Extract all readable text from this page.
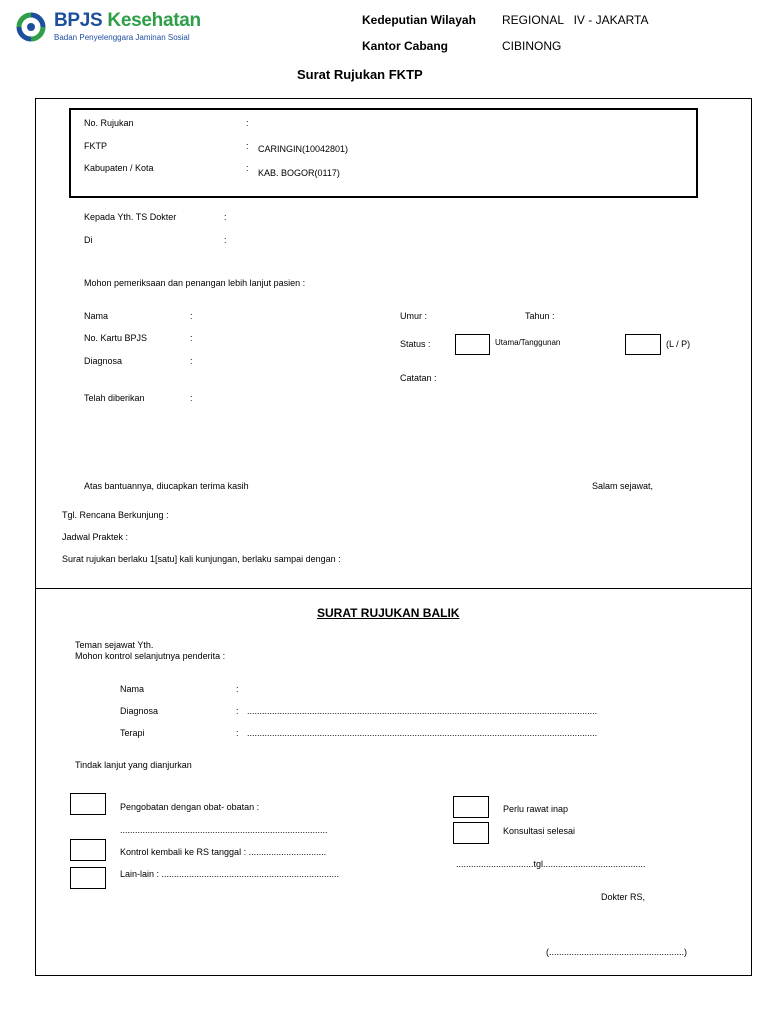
BPJS Kesehatan
Badan Penyelenggara Jaminan Sosial
Kedeputian Wilayah REGIONAL   IV - JAKARTA
Kantor Cabang	CIBINONG
Surat Rujukan FKTP
No. Rujukan	:
FKTP	: CARINGIN(10042801)
Kabupaten / Kota	: KAB. BOGOR(0117)
Kepada Yth. TS Dokter	:
Di	:
Mohon pemeriksaan dan penangan lebih lanjut pasien :
Nama	:
No. Kartu BPJS	:
Diagnosa	:
Telah diberikan	:
Umur :	Tahun :
Status :	Utama/Tanggunan	(L / P)
Catatan :
Atas bantuannya, diucapkan terima kasih	Salam sejawat,
Tgl. Rencana Berkunjung :
Jadwal Praktek :
Surat rujukan berlaku 1[satu] kali kunjungan, berlaku sampai dengan :
SURAT RUJUKAN BALIK
Teman sejawat Yth.
Mohon kontrol selanjutnya penderita :
Nama	:
Diagnosa	: ............................................................................................................................................
Terapi	: ............................................................................................................................................
Tindak lanjut yang dianjurkan
Pengobatan dengan obat- obatan :
...................................................................................
Kontrol kembali ke RS tanggal : ...............................
Lain-lain : .......................................................................
Perlu rawat inap
Konsultasi selesai
...............................tgl.........................................
Dokter RS,
(......................................................)
